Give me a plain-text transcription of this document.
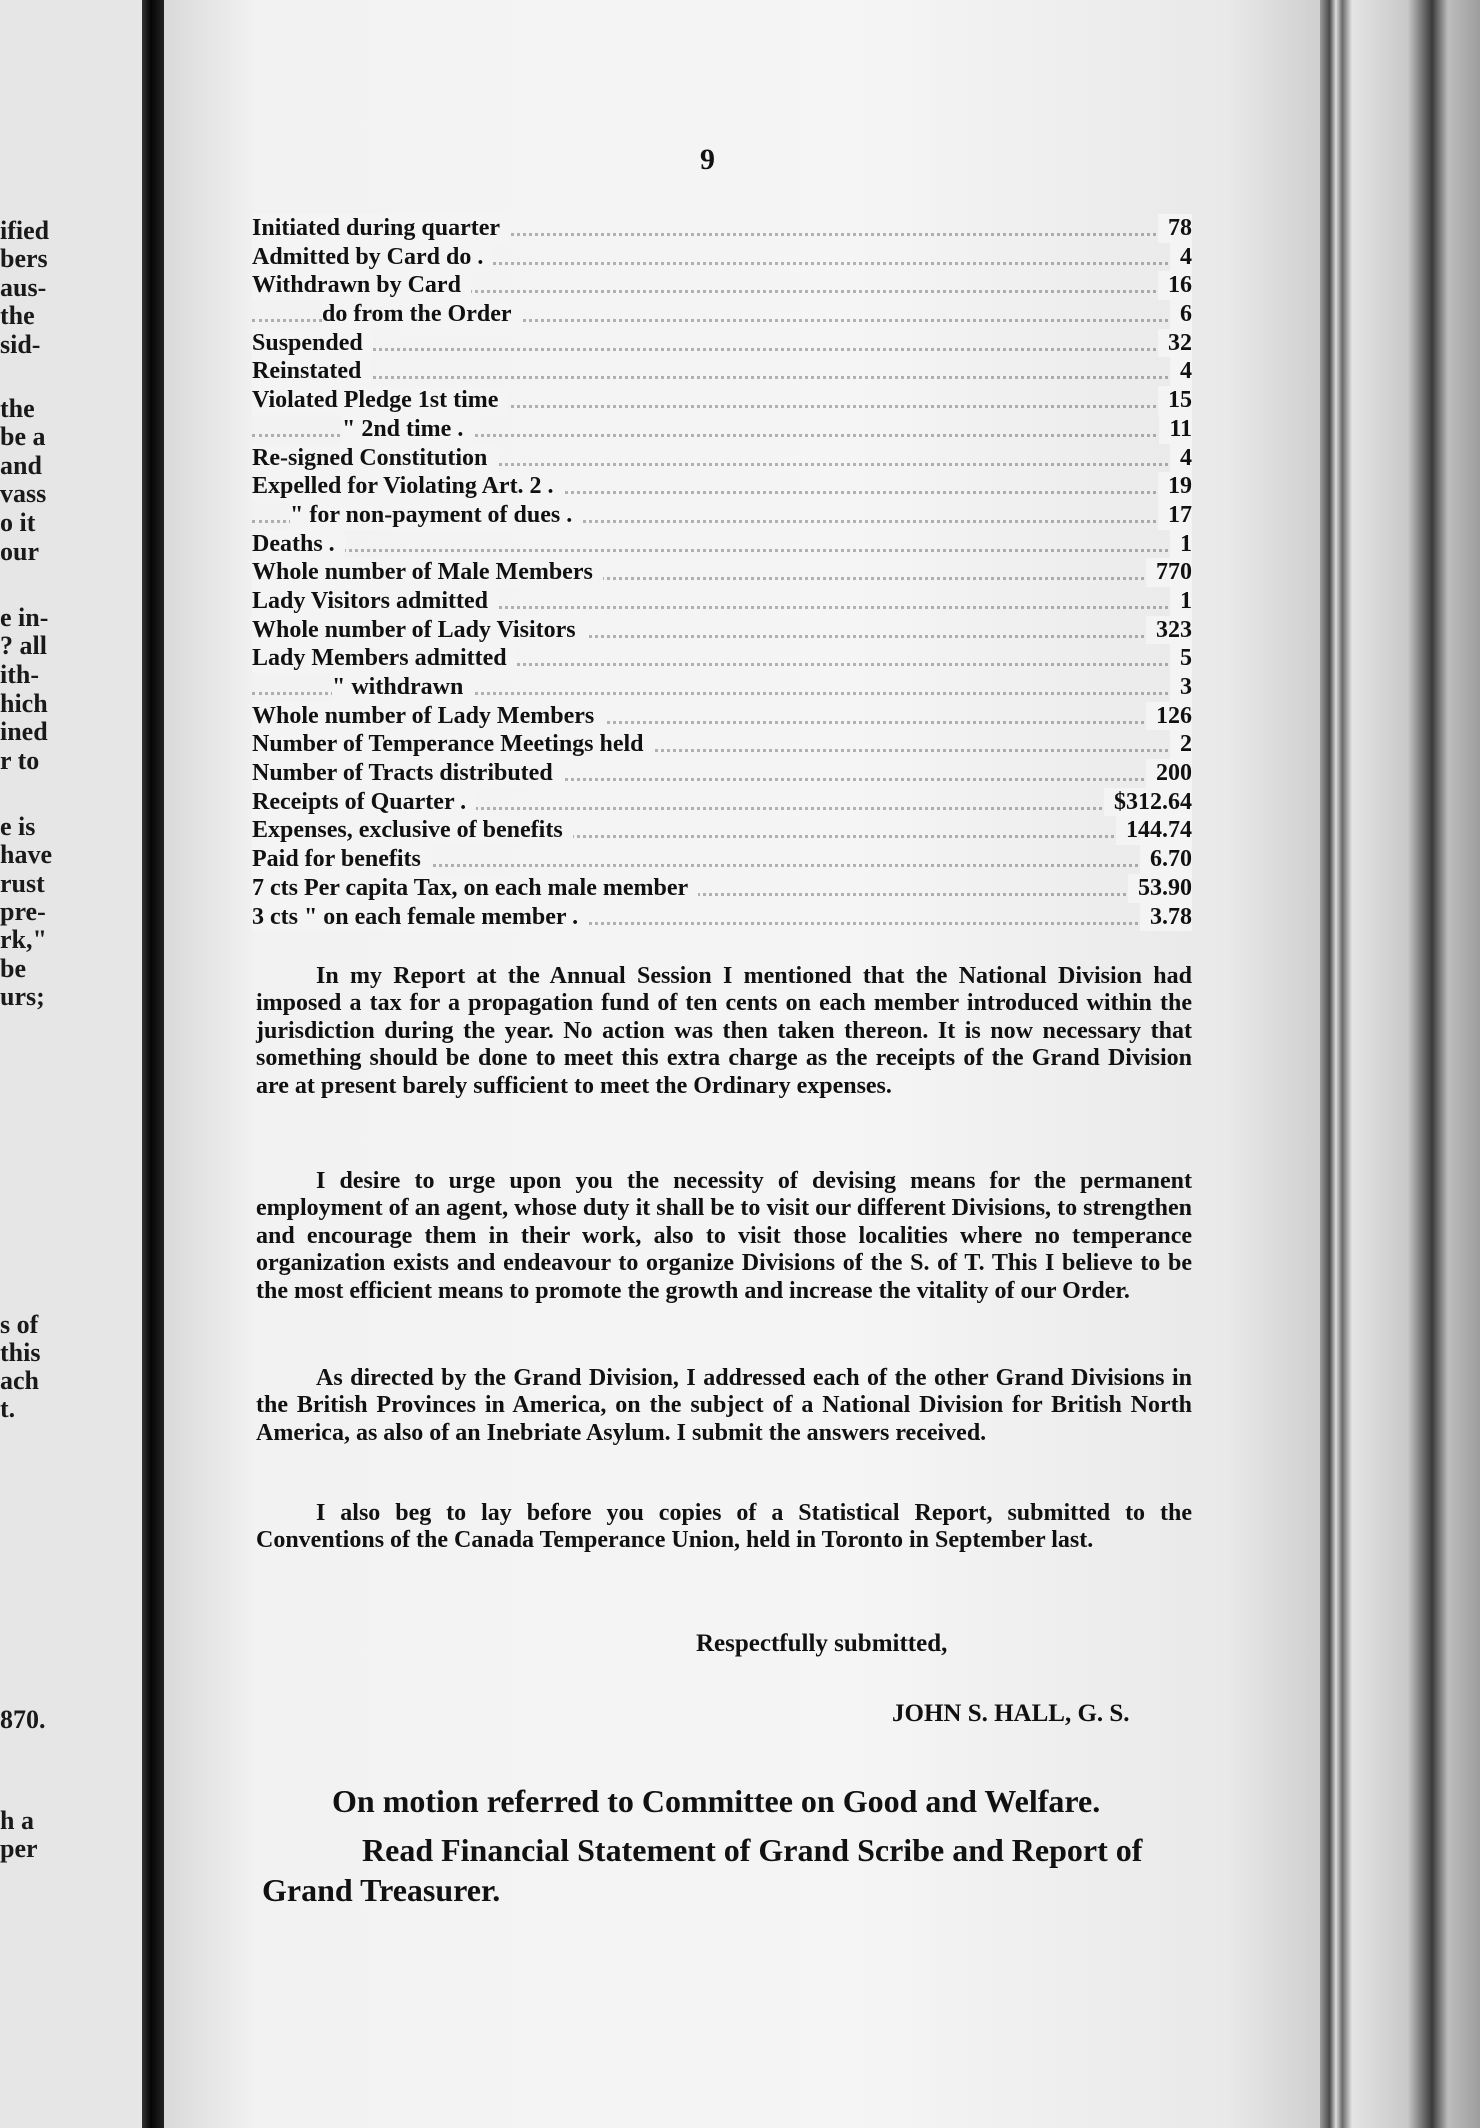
ified
bers
aus-
the
sid-
the
be a
and
vass
o it
our
e in-
? all
ith-
hich
ined
r to
e is
have
rust
pre-
rk,"
be
urs;
s of
this
ach
t.
870.
h a
per
9
Initiated during quarter	78
Admitted by Card do .	4
Withdrawn by Card	16
do from the Order	6
Suspended	32
Reinstated	4
Violated Pledge 1st time	15
" 2nd time .	11
Re-signed Constitution	4
Expelled for Violating Art. 2 .	19
" for non-payment of dues .	17
Deaths .	1
Whole number of Male Members	770
Lady Visitors admitted	1
Whole number of Lady Visitors	323
Lady Members admitted	5
" withdrawn	3
Whole number of Lady Members	126
Number of Temperance Meetings held	2
Number of Tracts distributed	200
Receipts of Quarter .	$312.64
Expenses, exclusive of benefits	144.74
Paid for benefits	6.70
7 cts Per capita Tax, on each male member	53.90
3 cts " on each female member .	3.78
In my Report at the Annual Session I mentioned that the National Division had imposed a tax for a propagation fund of ten cents on each member introduced within the jurisdiction during the year. No action was then taken thereon. It is now necessary that something should be done to meet this extra charge as the receipts of the Grand Division are at present barely sufficient to meet the Ordinary expenses.
I desire to urge upon you the necessity of devising means for the permanent employment of an agent, whose duty it shall be to visit our different Divisions, to strengthen and encourage them in their work, also to visit those localities where no temperance organization exists and endeavour to organize Divisions of the S. of T. This I believe to be the most efficient means to promote the growth and increase the vitality of our Order.
As directed by the Grand Division, I addressed each of the other Grand Divisions in the British Provinces in America, on the subject of a National Division for British North America, as also of an Inebriate Asylum. I submit the answers received.
I also beg to lay before you copies of a Statistical Report, submitted to the Conventions of the Canada Temperance Union, held in Toronto in September last.
Respectfully submitted,
JOHN S. HALL, G. S.
On motion referred to Committee on Good and Welfare.
Read Financial Statement of Grand Scribe and Report of
Grand Treasurer.
